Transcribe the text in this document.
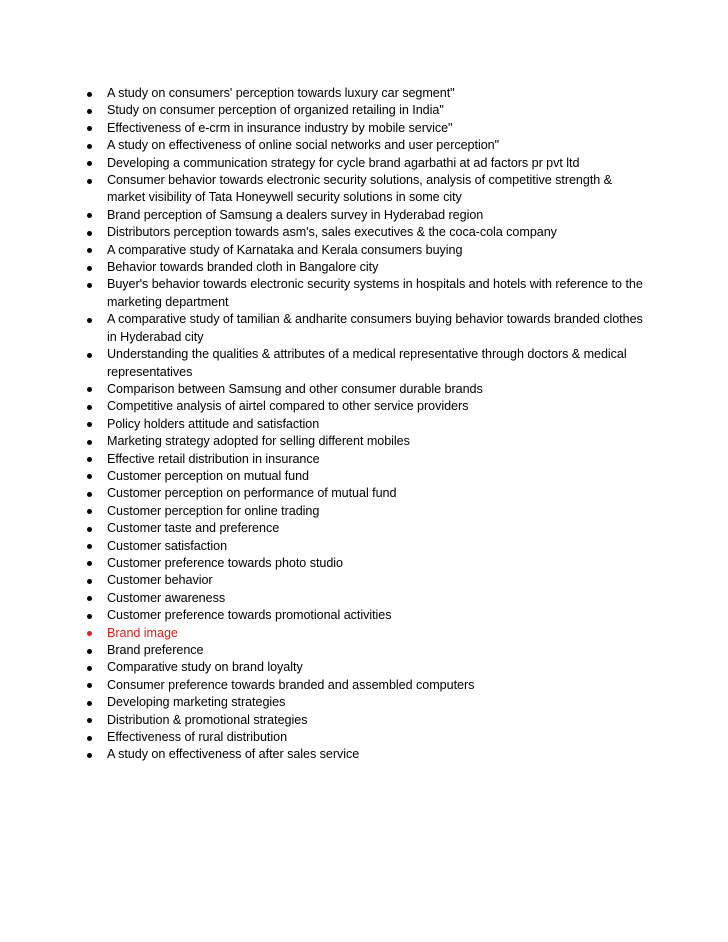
A study on consumers' perception towards luxury car segment"
Study on consumer perception of organized retailing in India"
Effectiveness of e-crm in insurance industry by mobile service"
A study on effectiveness of online social networks and user perception"
Developing a communication strategy for cycle brand agarbathi at ad factors pr pvt ltd
Consumer behavior towards electronic security solutions, analysis of competitive strength & market visibility of Tata Honeywell security solutions in some city
Brand perception of Samsung a dealers survey in Hyderabad region
Distributors perception towards asm's, sales executives & the coca-cola company
A comparative study of Karnataka and Kerala consumers buying
Behavior towards branded cloth in Bangalore city
Buyer's behavior towards electronic security systems in hospitals and hotels with reference to the marketing department
A comparative study of tamilian & andharite consumers buying behavior towards branded clothes in Hyderabad city
Understanding the qualities & attributes of a medical representative through doctors & medical representatives
Comparison between Samsung and other consumer durable brands
Competitive analysis of airtel compared to other service providers
Policy holders attitude and satisfaction
Marketing strategy adopted for selling different mobiles
Effective retail distribution in insurance
Customer perception on mutual fund
Customer perception on performance of mutual fund
Customer perception for online trading
Customer taste and preference
Customer satisfaction
Customer preference towards photo studio
Customer behavior
Customer awareness
Customer preference towards promotional activities
Brand image
Brand preference
Comparative study on brand loyalty
Consumer preference towards branded and assembled computers
Developing marketing strategies
Distribution & promotional strategies
Effectiveness of rural distribution
A study on effectiveness of after sales service
